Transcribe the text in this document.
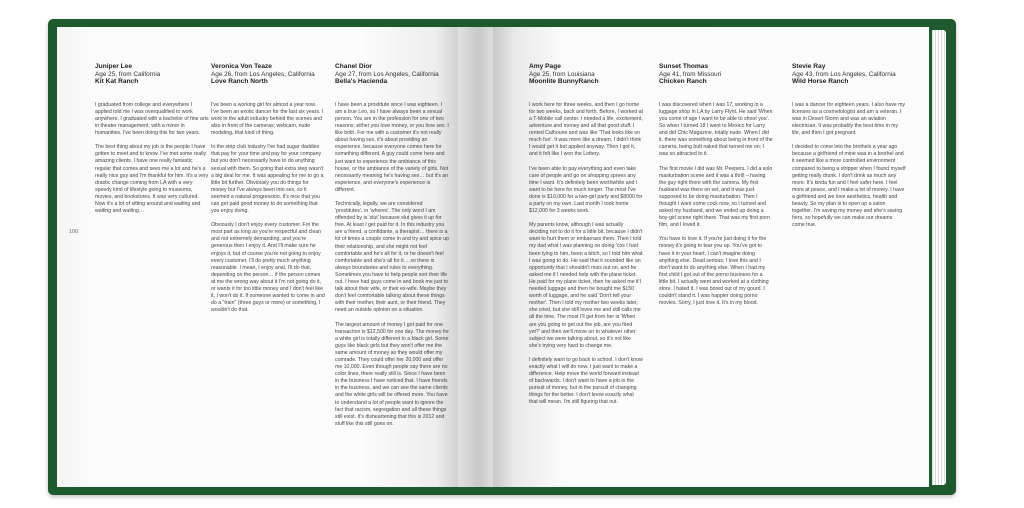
100
Juniper Lee
Age 25, from California
Kit Kat Ranch

I graduated from college and everywhere I applied told me I was overqualified to work anywhere. I graduated with a bachelor of fine arts in theater management, with a minor in humanities. I've been doing this for two years.

The best thing about my job is the people I have gotten to meet and to know. I've met some really amazing clients. I have one really fantastic regular that comes and sees me a lot and he's a really nice guy and I'm thankful for him. It's a very drastic change coming from LA with a very speedy kind of lifestyle going to museums, movies, and bookstores. It was very cultured. Now it's a lot of sitting around and waiting and waiting and waiting…

Veronica Von Teaze
Age 26, from Los Angeles, California
Love Ranch North

I've been a working girl for almost a year now. I've been an exotic dancer for the last six years. I work in the adult industry behind the scenes and also in front of the cameras; webcam, nude modeling, that kind of thing.

In the strip club industry I've had sugar daddies that pay for your time and pay for your company but you don't necessarily have to do anything sexual with them. So going that extra step wasn't a big deal for me. It was appealing for me to go a little bit further. Obviously you do things for money but I've always been into sex, so it seemed a natural progression. It's nice that you can get paid good money to do something that you enjoy doing.

Obviously I don't enjoy every customer. For the most part as long as you're respectful and clean and not extremely demanding, and you're generous then I enjoy it. And I'll make sure he enjoys it, but of course you're not going to enjoy every customer. I'll do pretty much anything reasonable. I mean, I enjoy anal, I'll do that, depending on the person… if the person comes at me the wrong way about it I'm not going do it, or wants it for too little money and I don't feel like it, I won't do it. If someone wanted to come in and do a "train" (three guys or more) or something, I wouldn't do that.

Chanel Dior
Age 27, from Los Angeles, California
Bella's Hacienda

I have been a prostitute since I was eighteen. I am a true Leo, so I have always been a sexual person. You are in the profession for one of two reasons; either you love money, or you love sex. I like both. For me with a customer it's not really about having sex, it's about providing an experience, because everyone comes here for something different. A guy could come here and just want to experience the ambiance of this house, or the ambiance of the variety of girls. Not necessarily meaning he's having sex… but it's an experience, and everyone's experience is different.

Technically, legally, we are considered 'prostitutes', or 'whores'. The only word I am offended by is 'slut' because slut gives it up for free. At least I get paid for it. In this industry you are a friend, a confidante, a therapist… there is a lot of times a couple come in and try and spice up their relationship, and she might not feel comfortable and he's all for it, or he doesn't feel comfortable and she's all for it… so there is always boundaries and rules to everything. Sometimes you have to help people sort their life out. I have had guys come in and book me just to talk about their wife, or their ex-wife. Maybe they don't feel comfortable talking about these things with their mother, their aunt, or their friend. They need an outside opinion on a situation.

The largest amount of money I got paid for one transaction is $12,500 for one day. The money for a white girl is totally different to a black girl. Some guys like black girls but they won't offer me the same amount of money as they would offer my comrade. They could offer her 20,000 and offer me 10,000. Even though people say there are no color lines, there really still is. Since I have been in the business I have noticed that. I have friends in the business, and we can see the same clients and the white girls will be offered more. You have to understand a lot of people want to ignore the fact that racism, segregation and all these things still exist. It's disheartening that this is 2012 and stuff like this still goes on.

Amy Page
Age 25, from Louisiana
Moonlite BunnyRanch

I work here for three weeks, and then I go home for two weeks, back and forth. Before, I worked at a T-Mobile call center. I needed a life, excitement, adventure and money and all that good stuff. I rented Calhoune and was like 'That looks like so much fun'. It was more like a dream. I didn't think I would get it but applied anyway. Then I got it, and it felt like I won the Lottery.

I've been able to pay everything and even take care of people and go on shopping sprees any time I want. It's definitely been worthwhile and I want to be here for much longer. The most I've done is $10,000 for a two-girl party and $8000 for a party on my own. Last month I took home $12,000 for 3 weeks work.

My parents know, although I was actually deciding not to do it for a little bit, because I didn't want to hurt them or embarrass them. Then I told my dad what I was planning on doing 'cos I had been lying to him, been a bitch, so I told him what I was going to do. He said that it sounded like an opportunity that I shouldn't miss out on, and he asked me if I needed help with the plane ticket. He paid for my plane ticket, then he asked me if I needed luggage and then he bought me $150 worth of luggage, and he said 'Don't tell your mother'. Then I told my mother two weeks later, she cried, but she still loves me and still calls me all the time. The most I'll get from her is 'When are you going to get out the job, are you fired yet?' and then we'll move on to whatever other subject we were talking about, so it's not like she's trying very hard to change me.

I definitely want to go back to school. I don't know exactly what I will do now. I just want to make a difference. Help move the world forward instead of backwards. I don't want to have a job in the pursuit of money, but in the pursuit of changing things for the better. I don't know exactly what that will mean. I'm still figuring that out.

Sunset Thomas
Age 41, from Missouri
Chicken Ranch

I was discovered when I was 17, working in a luggage shop in LA by Larry Flynt. He said 'When you come of age I want to be able to shoot you'. So when I turned 18 I went to Mexico for Larry and did Chic Magazine, totally nude. When I did it, there was something about being in front of the camera, being butt naked that turned me on; I was so attracted to it.

The first movie I did was Mr. Peepers. I did a solo masturbation scene and it was a thrill – having the guy right there with the camera. My first husband was there on set, and it was just supposed to be doing masturbation. Then I thought I want some cock now, so I turned and asked my husband, and we ended up doing a boy-girl scene right there. That was my first porn film, and I loved it.

You have to love it. If you're just doing it for the money it's going to tear you up. You've got to have it in your heart. I can't imagine doing anything else. Dead serious; I love this and I don't want to do anything else. When I had my first child I got out of the porno business for a little bit. I actually went and worked at a clothing store. I hated it. I was bored out of my gourd. I couldn't stand it. I was happier doing porno movies. Sorry, I just love it. It's in my blood.

Stevie Ray
Age 43, from Los Angeles, California
Wild Horse Ranch

I was a dancer for eighteen years. I also have my licenses as a cosmetologist and am a veteran. I was in Desert Storm and was an aviation electrician. It was probably the best time in my life, and then I got pregnant.

I decided to come into the brothels a year ago because a girlfriend of mine was in a brothel and it seemed like a more controlled environment compared to being a stripper when I found myself getting really drunk. I don't drink as much any more. It's kinda fun and I feel safer here. I feel more at peace, and I make a lot of money. I have a girlfriend and we love aesthetics, health and beauty. So my plan is to open up a salon together. I'm saving my money and she's saving hers, so hopefully we can make our dreams come true.
